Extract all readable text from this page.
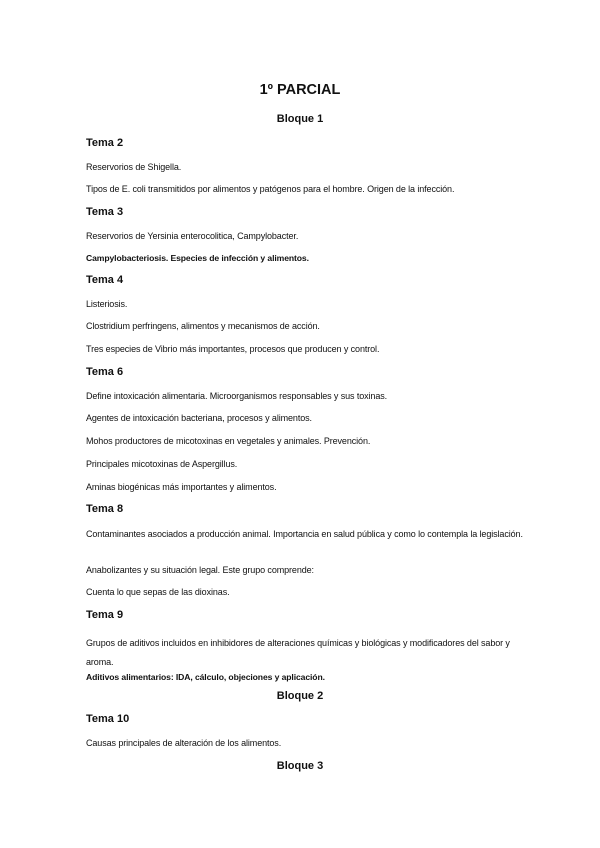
1º PARCIAL
Bloque 1
Tema 2
Reservorios de Shigella.
Tipos de E. coli transmitidos por alimentos y patógenos para el hombre. Origen de la infección.
Tema 3
Reservorios de Yersinia enterocolitica, Campylobacter.
Campylobacteriosis. Especies de infección y alimentos.
Tema 4
Listeriosis.
Clostridium perfringens, alimentos y mecanismos de acción.
Tres especies de Vibrio más importantes, procesos que producen y control.
Tema 6
Define intoxicación alimentaria. Microorganismos responsables y sus toxinas.
Agentes de intoxicación bacteriana, procesos y alimentos.
Mohos productores de micotoxinas en vegetales y animales. Prevención.
Principales micotoxinas de Aspergillus.
Aminas biogénicas más importantes y alimentos.
Tema 8
Contaminantes asociados a producción animal. Importancia en salud pública y como lo contempla la legislación.
Anabolizantes y su situación legal. Este grupo comprende:
Cuenta lo que sepas de las dioxinas.
Tema 9
Grupos de aditivos incluidos en inhibidores de alteraciones químicas y biológicas y modificadores del sabor y aroma.
Aditivos alimentarios: IDA, cálculo, objeciones y aplicación.
Bloque 2
Tema 10
Causas principales de alteración de los alimentos.
Bloque 3
